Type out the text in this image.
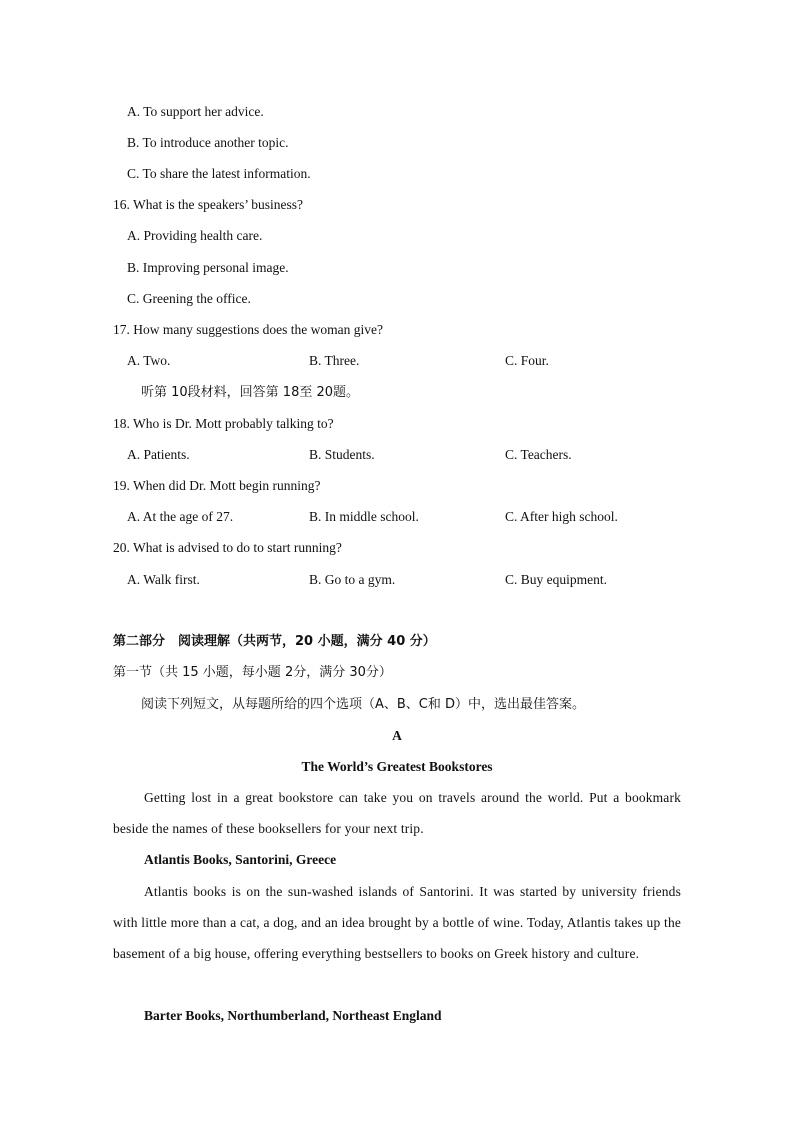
A. To support her advice.
B. To introduce another topic.
C. To share the latest information.
16. What is the speakers’ business?
A. Providing health care.
B. Improving personal image.
C. Greening the office.
17. How many suggestions does the woman give?
A. Two.	B. Three.	C. Four.
听第 10段材料，回答第 18至 20题。
18. Who is Dr. Mott probably talking to?
A. Patients.	B. Students.	C. Teachers.
19. When did Dr. Mott begin running?
A. At the age of 27.	B. In middle school.	C. After high school.
20. What is advised to do to start running?
A. Walk first.	B. Go to a gym.	C. Buy equipment.
第二部分　阅读理解（共两节，20 小题，满分 40 分）
第一节（共 15 小题，每小题 2分，满分 30分）
阅读下列短文，从每题所给的四个选项（A、B、C和 D）中，选出最佳答案。
A
The World’s Greatest Bookstores
Getting lost in a great bookstore can take you on travels around the world. Put a bookmark beside the names of these booksellers for your next trip.
Atlantis Books, Santorini, Greece
Atlantis books is on the sun-washed islands of Santorini. It was started by university friends with little more than a cat, a dog, and an idea brought by a bottle of wine. Today, Atlantis takes up the basement of a big house, offering everything bestsellers to books on Greek history and culture.
Barter Books, Northumberland, Northeast England
